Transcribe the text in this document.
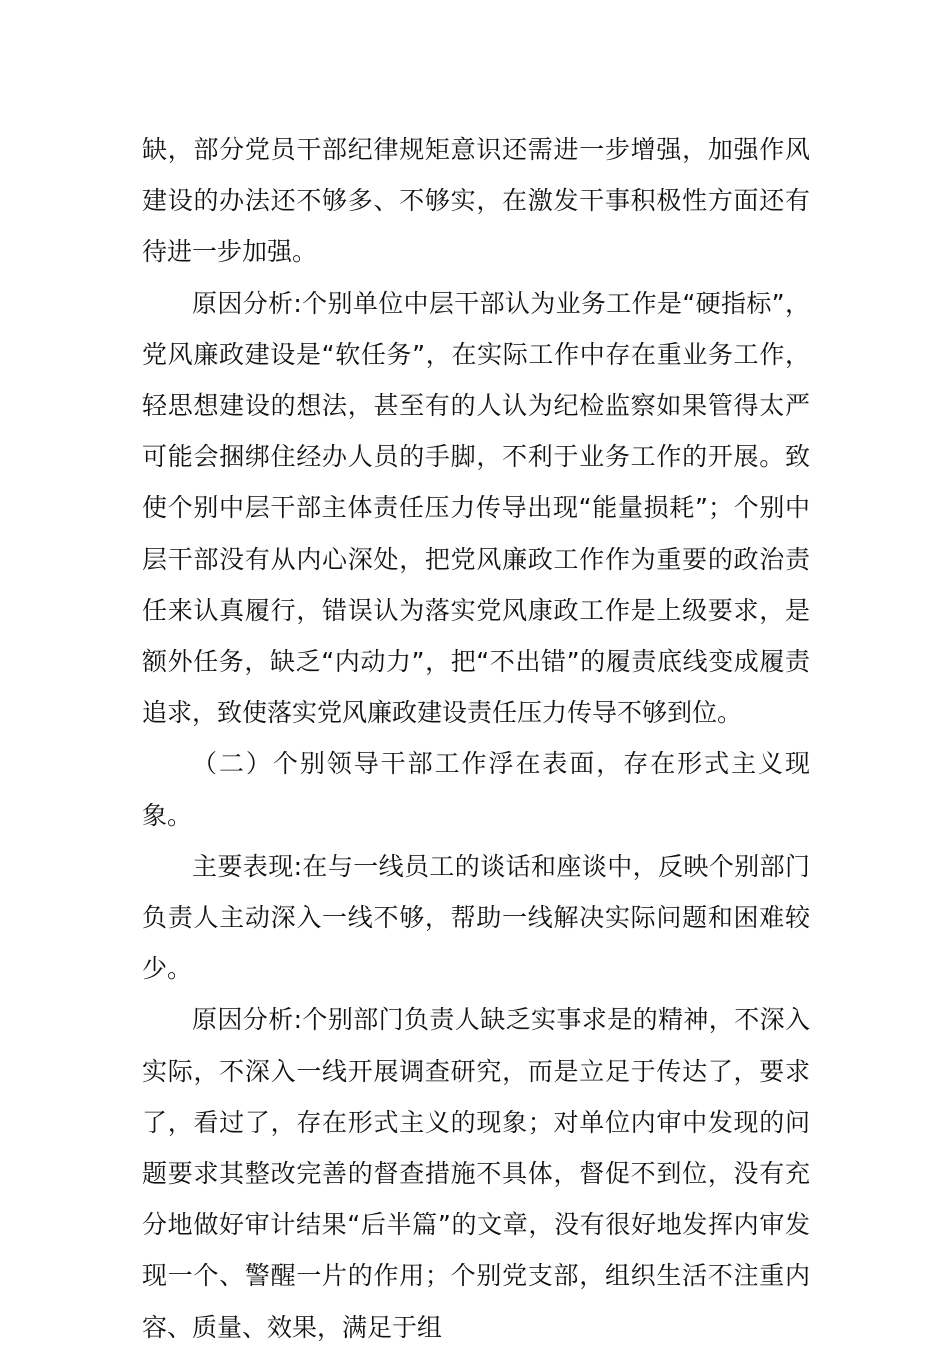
缺，部分党员干部纪律规矩意识还需进一步增强，加强作风建设的办法还不够多、不够实，在激发干事积极性方面还有待进一步加强。

原因分析:个别单位中层干部认为业务工作是“硬指标”，党风廉政建设是“软任务”，在实际工作中存在重业务工作，轻思想建设的想法，甚至有的人认为纪检监察如果管得太严可能会捆绑住经办人员的手脚，不利于业务工作的开展。致使个别中层干部主体责任压力传导出现“能量损耗”；个别中层干部没有从内心深处，把党风廉政工作作为重要的政治责任来认真履行，错误认为落实党风康政工作是上级要求，是额外任务，缺乏“内动力”，把“不出错”的履责底线变成履责追求，致使落实党风廉政建设责任压力传导不够到位。

（二）个别领导干部工作浮在表面，存在形式主义现象。

主要表现:在与一线员工的谈话和座谈中，反映个别部门负责人主动深入一线不够，帮助一线解决实际问题和困难较少。

原因分析:个别部门负责人缺乏实事求是的精神，不深入实际，不深入一线开展调查研究，而是立足于传达了，要求了，看过了，存在形式主义的现象；对单位内审中发现的问题要求其整改完善的督查措施不具体，督促不到位，没有充分地做好审计结果“后半篇”的文章，没有很好地发挥内审发现一个、警醒一片的作用；个别党支部，组织生活不注重内容、质量、效果，满足于组
